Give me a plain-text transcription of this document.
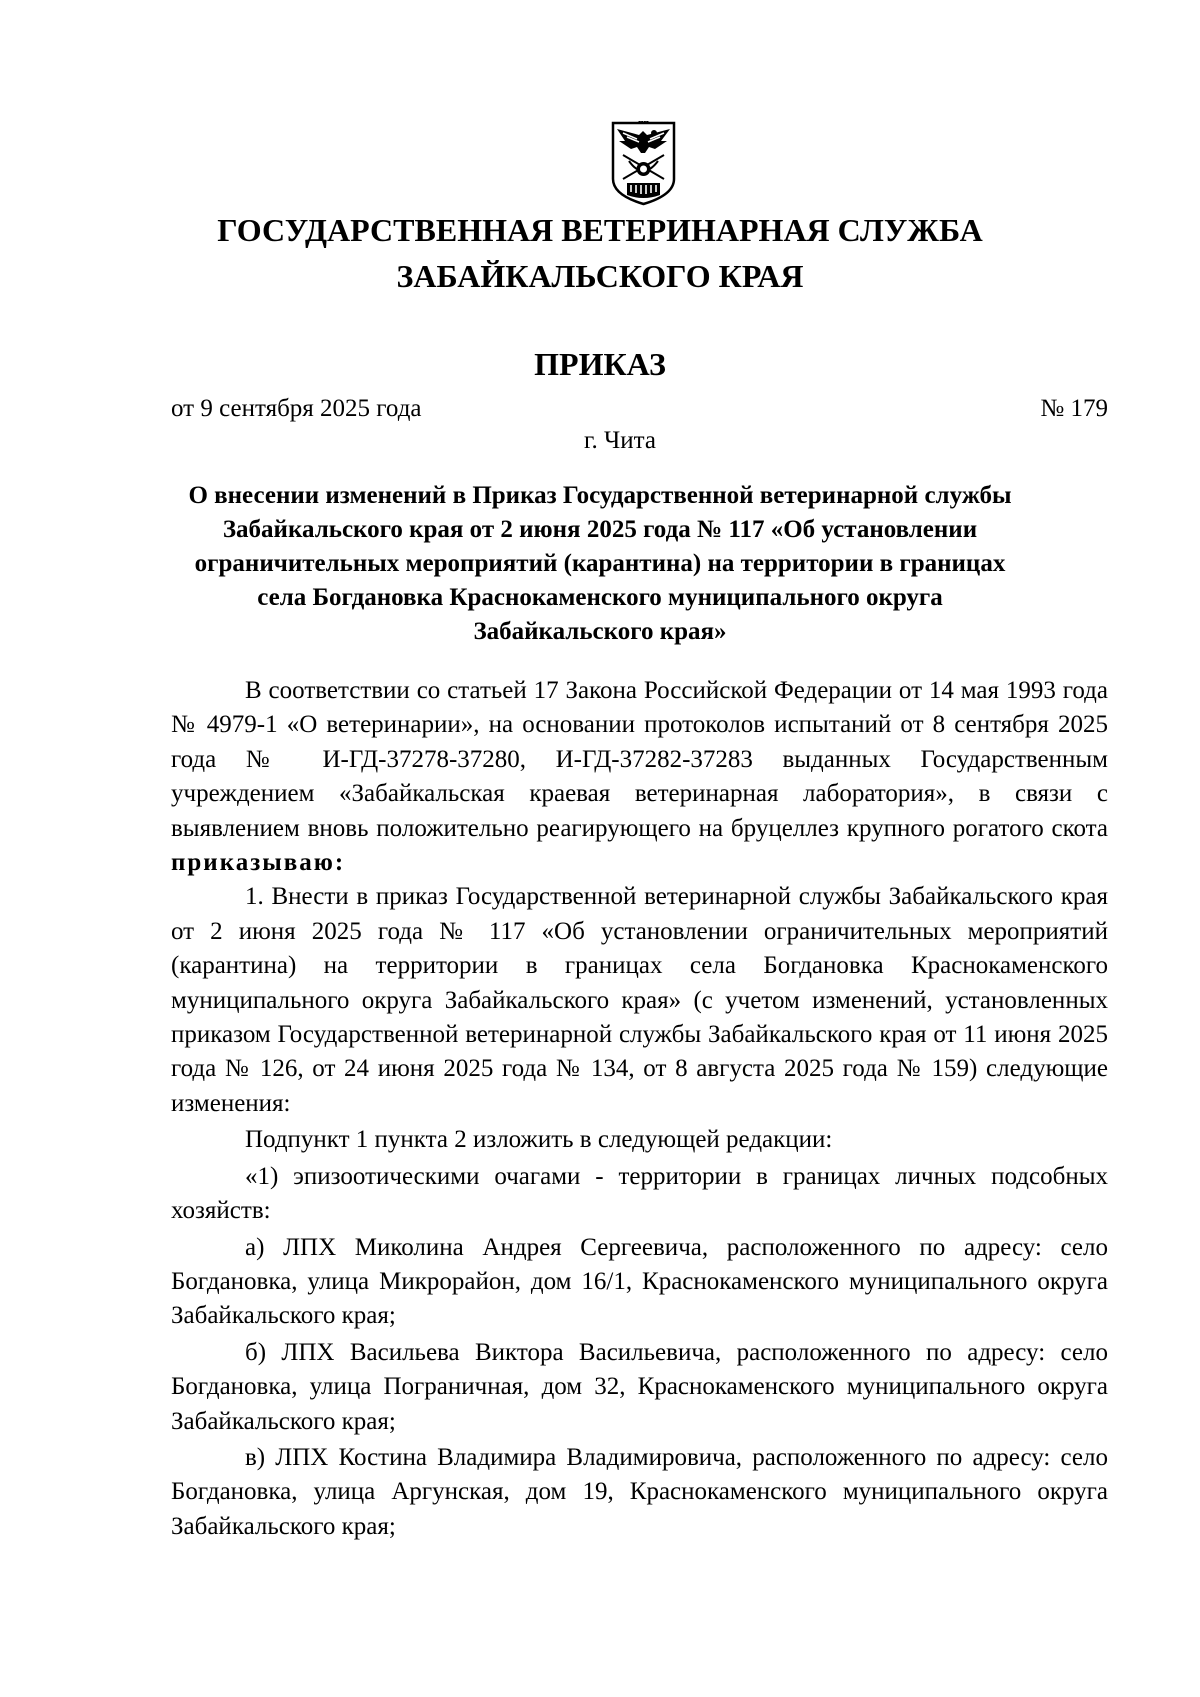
ГОСУДАРСТВЕННАЯ ВЕТЕРИНАРНАЯ СЛУЖБА
ЗАБАЙКАЛЬСКОГО КРАЯ
ПРИКАЗ
от 9 сентября 2025 года	№ 179
г. Чита
О внесении изменений в Приказ Государственной ветеринарной службы
Забайкальского края от 2 июня 2025 года № 117 «Об установлении
ограничительных мероприятий (карантина) на территории в границах
села Богдановка Краснокаменского муниципального округа
Забайкальского края»

В соответствии со статьей 17 Закона Российской Федерации от 14 мая 1993 года № 4979-1 «О ветеринарии», на основании протоколов испытаний от 8 сентября 2025 года № И-ГД-37278-37280, И-ГД-37282-37283 выданных Государственным учреждением «Забайкальская краевая ветеринарная лаборатория», в связи с выявлением вновь положительно реагирующего на бруцеллез крупного рогатого скота приказываю:

1. Внести в приказ Государственной ветеринарной службы Забайкальского края от 2 июня 2025 года № 117 «Об установлении ограничительных мероприятий (карантина) на территории в границах села Богдановка Краснокаменского муниципального округа Забайкальского края» (с учетом изменений, установленных приказом Государственной ветеринарной службы Забайкальского края от 11 июня 2025 года № 126, от 24 июня 2025 года № 134, от 8 августа 2025 года № 159) следующие изменения:

Подпункт 1 пункта 2 изложить в следующей редакции:

«1) эпизоотическими очагами - территории в границах личных подсобных хозяйств:

а) ЛПХ Миколина Андрея Сергеевича, расположенного по адресу: село Богдановка, улица Микрорайон, дом 16/1, Краснокаменского муниципального округа Забайкальского края;

б) ЛПХ Васильева Виктора Васильевича, расположенного по адресу: село Богдановка, улица Пограничная, дом 32, Краснокаменского муниципального округа Забайкальского края;

в) ЛПХ Костина Владимира Владимировича, расположенного по адресу: село Богдановка, улица Аргунская, дом 19, Краснокаменского муниципального округа Забайкальского края;
